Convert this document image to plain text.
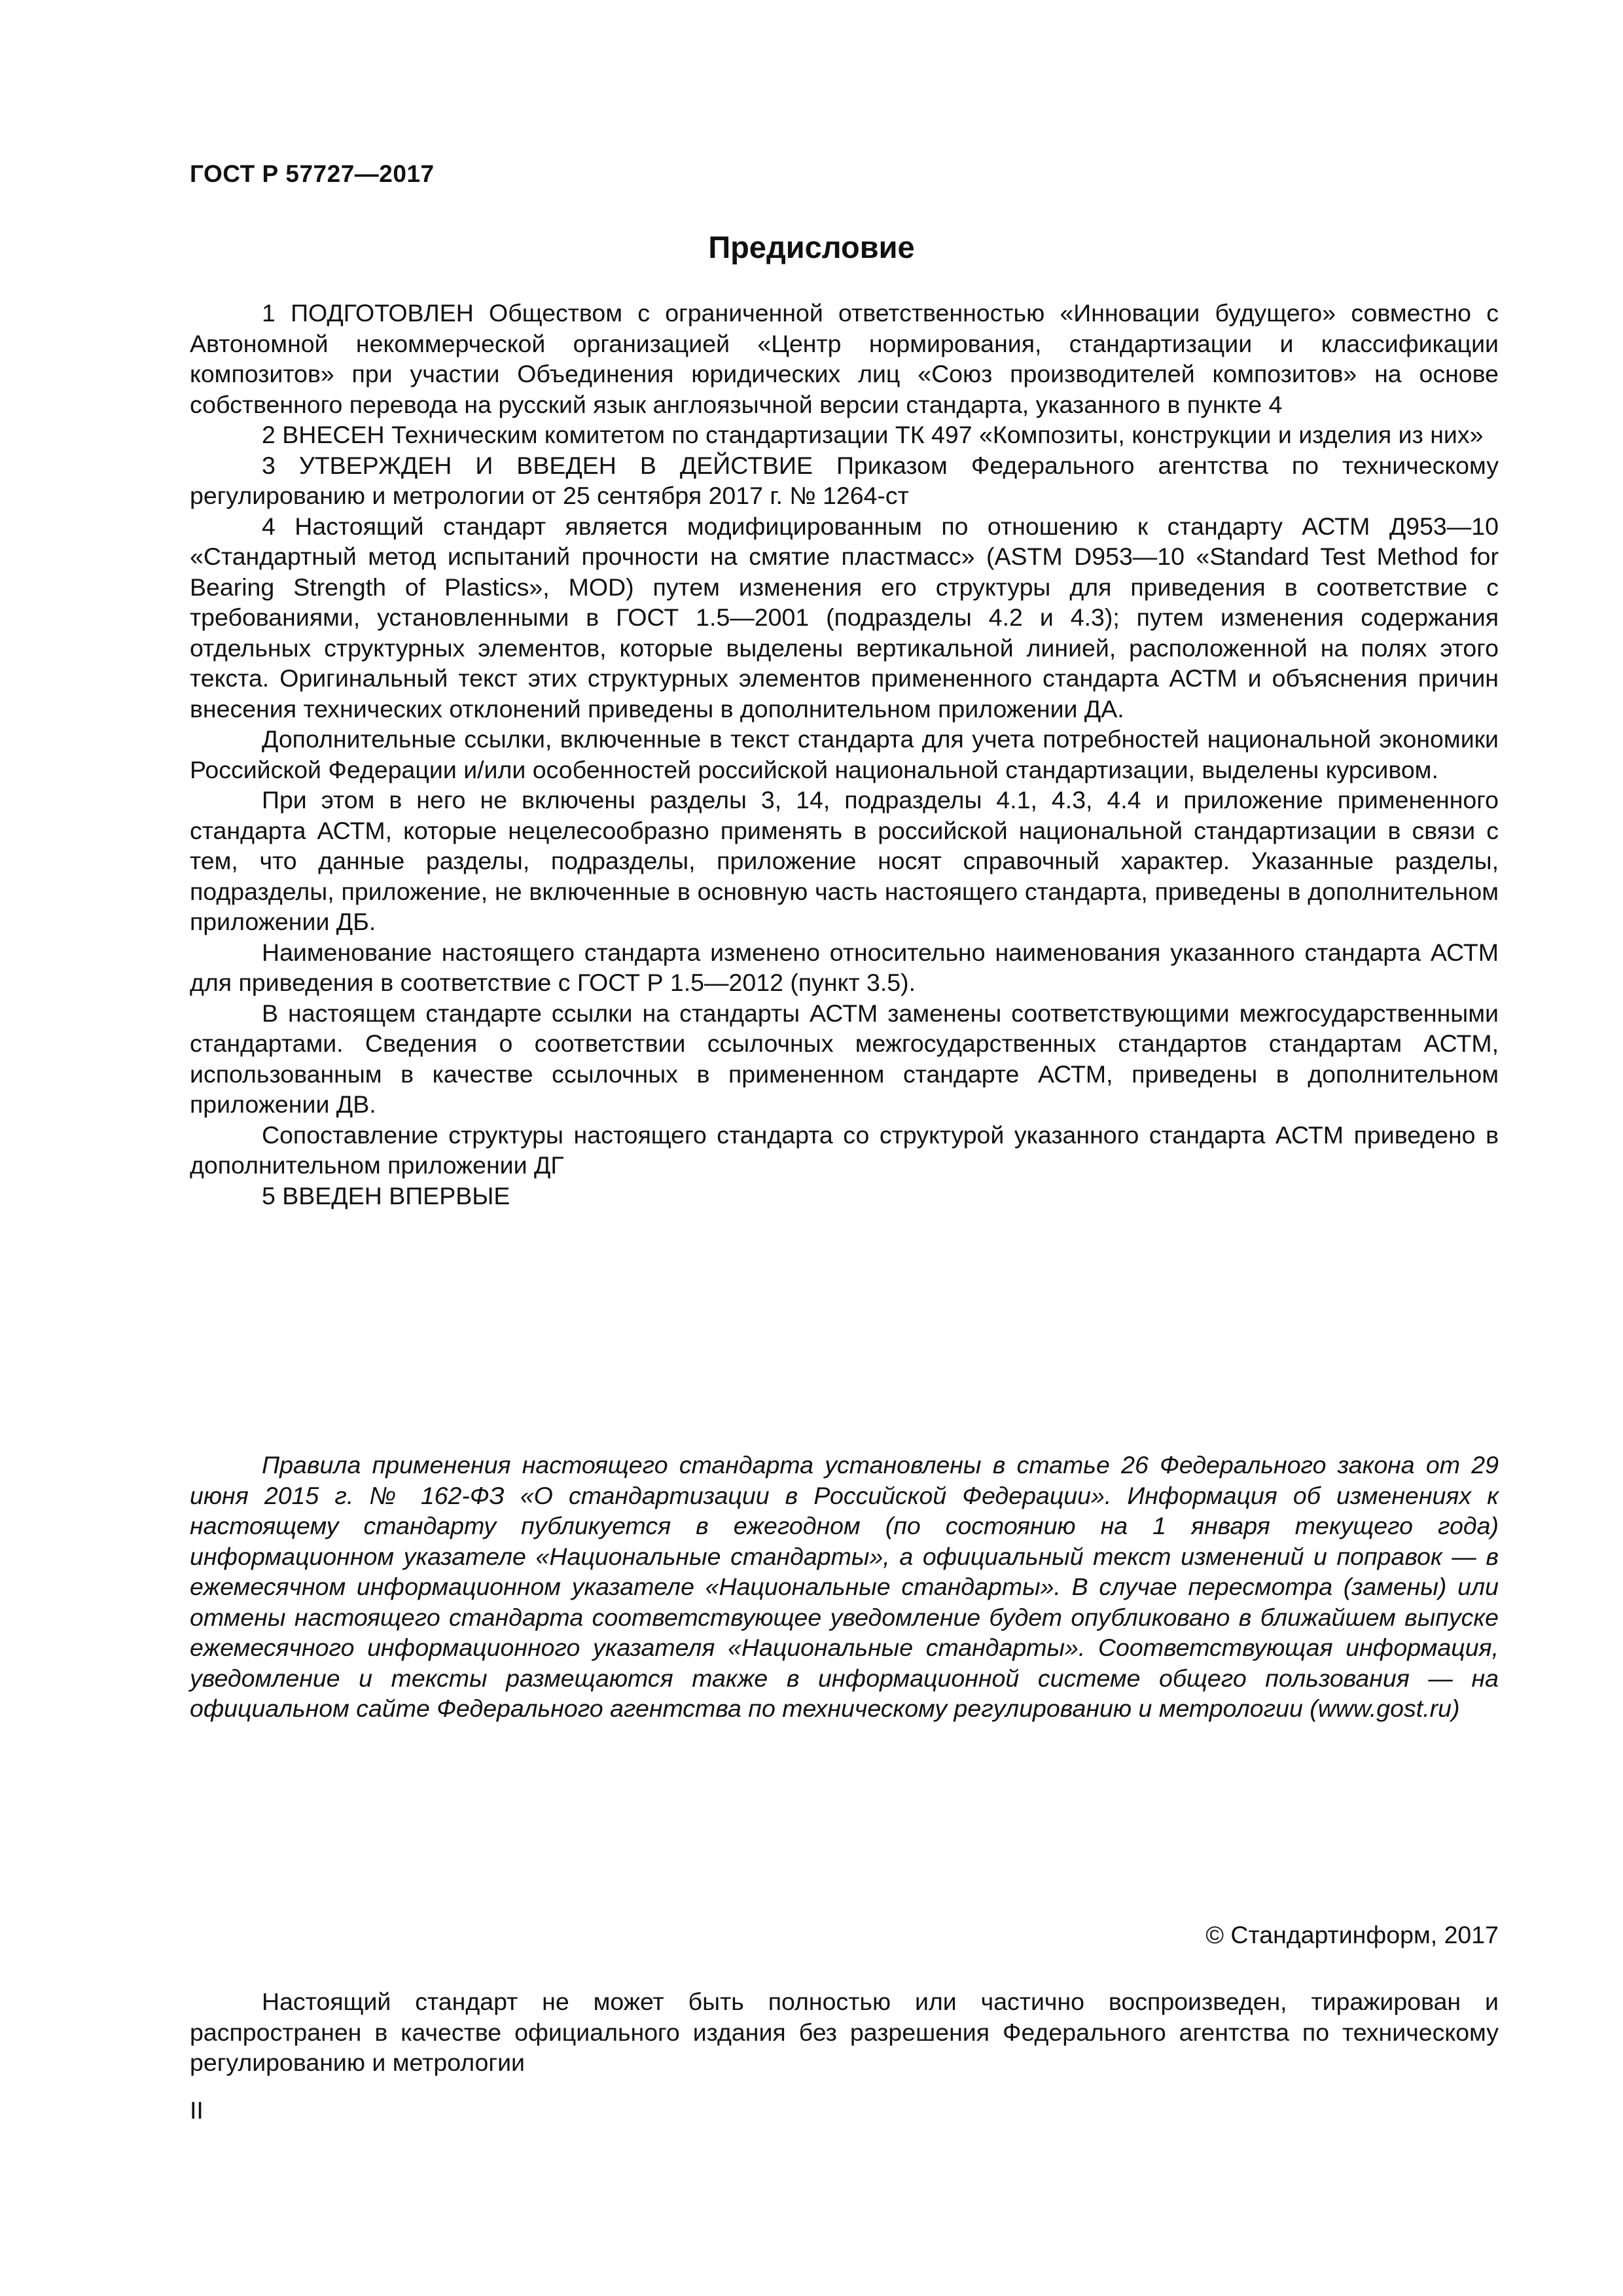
ГОСТ Р 57727—2017
Предисловие

1 ПОДГОТОВЛЕН Обществом с ограниченной ответственностью «Инновации будущего» совместно с Автономной некоммерческой организацией «Центр нормирования, стандартизации и классификации композитов» при участии Объединения юридических лиц «Союз производителей композитов» на основе собственного перевода на русский язык англоязычной версии стандарта, указанного в пункте 4

2 ВНЕСЕН Техническим комитетом по стандартизации ТК 497 «Композиты, конструкции и изделия из них»

3 УТВЕРЖДЕН И ВВЕДЕН В ДЕЙСТВИЕ Приказом Федерального агентства по техническому регулированию и метрологии от 25 сентября 2017 г. № 1264-ст

4 Настоящий стандарт является модифицированным по отношению к стандарту АСТМ Д953—10 «Стандартный метод испытаний прочности на смятие пластмасс» (ASTM D953—10 «Standard Test Method for Bearing Strength of Plastics», MOD) путем изменения его структуры для приведения в соответствие с требованиями, установленными в ГОСТ 1.5—2001 (подразделы 4.2 и 4.3); путем изменения содержания отдельных структурных элементов, которые выделены вертикальной линией, расположенной на полях этого текста. Оригинальный текст этих структурных элементов примененного стандарта АСТМ и объяснения причин внесения технических отклонений приведены в дополнительном приложении ДА.

Дополнительные ссылки, включенные в текст стандарта для учета потребностей национальной экономики Российской Федерации и/или особенностей российской национальной стандартизации, выделены курсивом.

При этом в него не включены разделы 3, 14, подразделы 4.1, 4.3, 4.4 и приложение примененного стандарта АСТМ, которые нецелесообразно применять в российской национальной стандартизации в связи с тем, что данные разделы, подразделы, приложение носят справочный характер. Указанные разделы, подразделы, приложение, не включенные в основную часть настоящего стандарта, приведены в дополнительном приложении ДБ.

Наименование настоящего стандарта изменено относительно наименования указанного стандарта АСТМ для приведения в соответствие с ГОСТ Р 1.5—2012 (пункт 3.5).

В настоящем стандарте ссылки на стандарты АСТМ заменены соответствующими межгосударственными стандартами. Сведения о соответствии ссылочных межгосударственных стандартов стандартам АСТМ, использованным в качестве ссылочных в примененном стандарте АСТМ, приведены в дополнительном приложении ДВ.

Сопоставление структуры настоящего стандарта со структурой указанного стандарта АСТМ приведено в дополнительном приложении ДГ

5 ВВЕДЕН ВПЕРВЫЕ

Правила применения настоящего стандарта установлены в статье 26 Федерального закона от 29 июня 2015 г. № 162-ФЗ «О стандартизации в Российской Федерации». Информация об изменениях к настоящему стандарту публикуется в ежегодном (по состоянию на 1 января текущего года) информационном указателе «Национальные стандарты», а официальный текст изменений и поправок — в ежемесячном информационном указателе «Национальные стандарты». В случае пересмотра (замены) или отмены настоящего стандарта соответствующее уведомление будет опубликовано в ближайшем выпуске ежемесячного информационного указателя «Национальные стандарты». Соответствующая информация, уведомление и тексты размещаются также в информационной системе общего пользования — на официальном сайте Федерального агентства по техническому регулированию и метрологии (www.gost.ru)

© Стандартинформ, 2017

Настоящий стандарт не может быть полностью или частично воспроизведен, тиражирован и распространен в качестве официального издания без разрешения Федерального агентства по техническому регулированию и метрологии

II
